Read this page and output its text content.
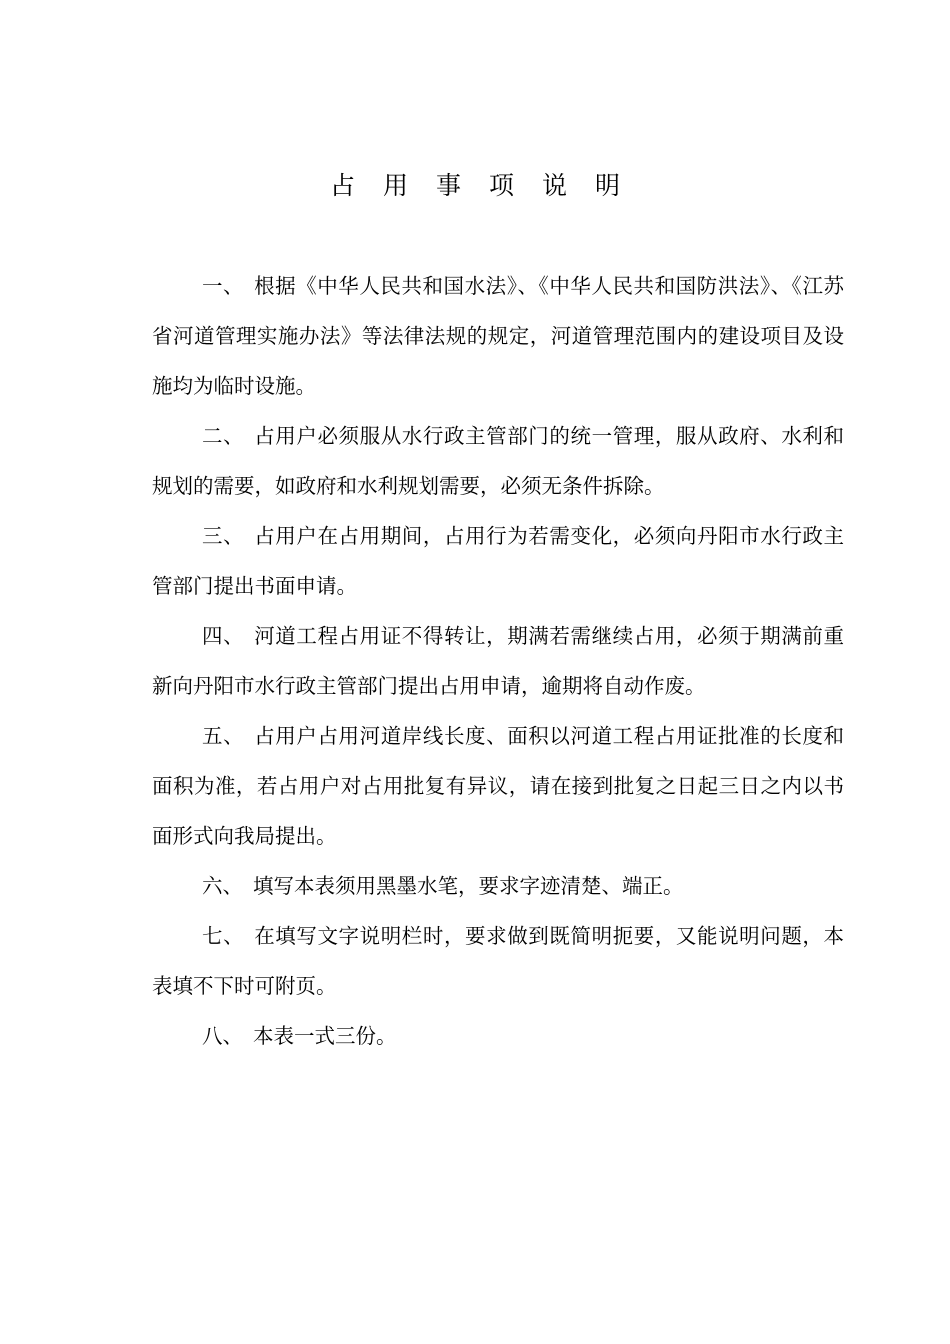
占用事项说明

一、 根据《中华人民共和国水法》、《中华人民共和国防洪法》、《江苏省河道管理实施办法》等法律法规的规定，河道管理范围内的建设项目及设施均为临时设施。

二、 占用户必须服从水行政主管部门的统一管理，服从政府、水利和规划的需要，如政府和水利规划需要，必须无条件拆除。

三、 占用户在占用期间，占用行为若需变化，必须向丹阳市水行政主管部门提出书面申请。

四、 河道工程占用证不得转让，期满若需继续占用，必须于期满前重新向丹阳市水行政主管部门提出占用申请，逾期将自动作废。

五、 占用户占用河道岸线长度、面积以河道工程占用证批准的长度和面积为准，若占用户对占用批复有异议，请在接到批复之日起三日之内以书面形式向我局提出。

六、 填写本表须用黑墨水笔，要求字迹清楚、端正。

七、 在填写文字说明栏时，要求做到既简明扼要，又能说明问题，本表填不下时可附页。

八、 本表一式三份。
